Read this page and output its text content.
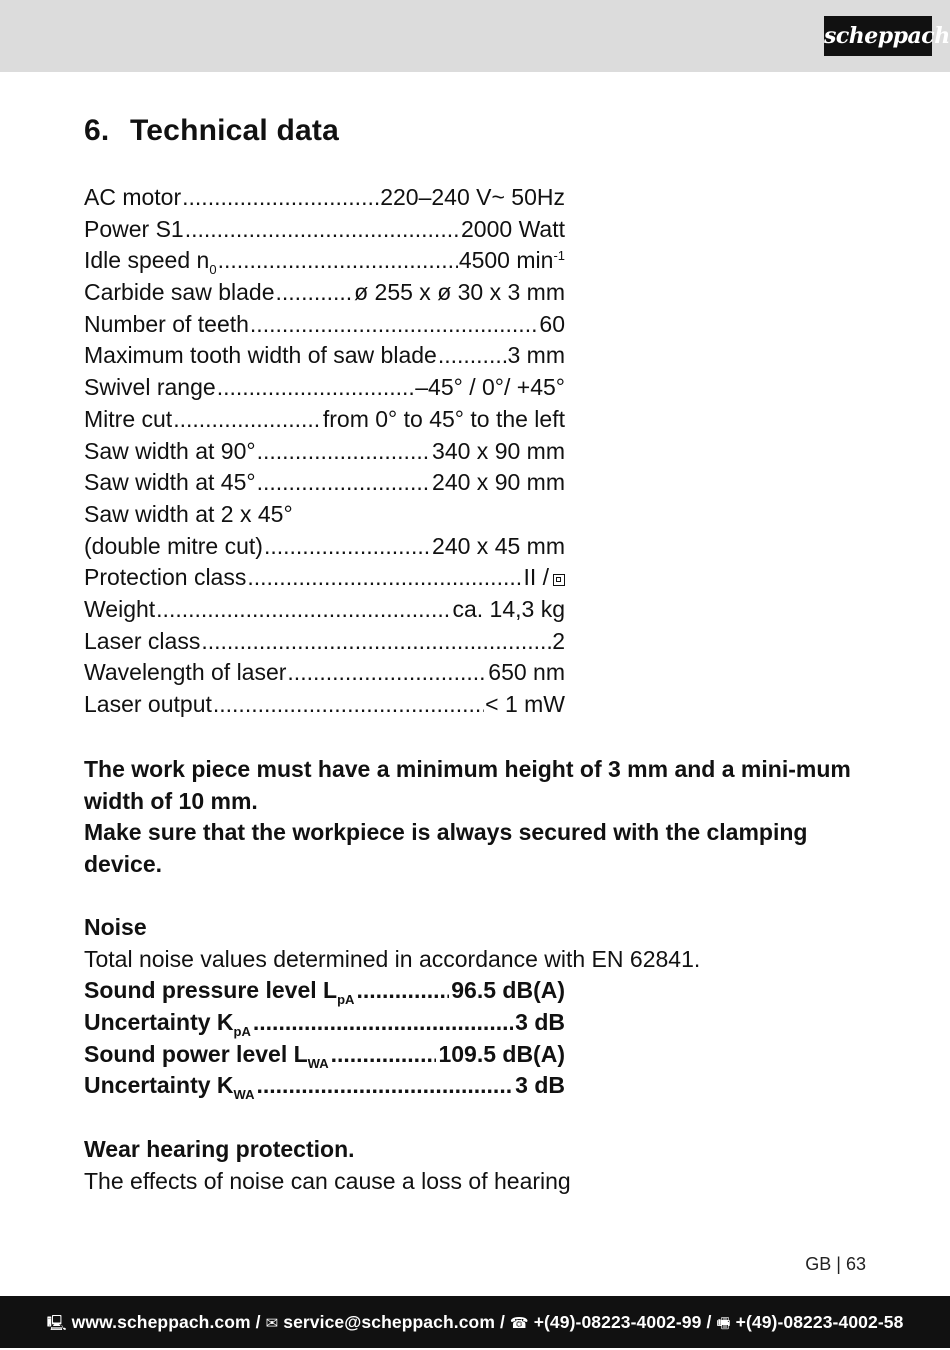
scheppach
6. Technical data
AC motor .....	220–240 V~ 50Hz
Power S1 .....	2000 Watt
Idle speed $n_0$ .....	4500 $\min^{-1}$
Carbide saw blade .....	ø 255 x ø 30 x 3 mm
Number of teeth .....	60
Maximum tooth width of saw blade .....	3 mm
Swivel range .....	–45° / 0°/ +45°
Mitre cut .....	from 0° to 45° to the left
Saw width at 90° .....	340 x 90 mm
Saw width at 45° .....	240 x 90 mm
Saw width at 2 x 45°
(double mitre cut) .....	240 x 45 mm
Protection class .....	II /
Weight .....	ca. 14,3 kg
Laser class .....	2
Wavelength of laser .....	650 nm
Laser output .....	< 1 mW

The work piece must have a minimum height of 3 mm and a mini-mum width of 10 mm.

Make sure that the workpiece is always secured with the clamping device.

Noise
Total noise values determined in accordance with EN 62841.
Sound pressure level $L_{pA}$ .....	96.5 dB(A)
Uncertainty $K_{pA}$ .....	3 dB
Sound power level $L_{WA}$ .....	109.5 dB(A)
Uncertainty $K_{WA}$ .....	3 dB
Wear hearing protection.
The effects of noise can cause a loss of hearing
GB | 63
🖳 www.scheppach.com / ✉ service@scheppach.com / ☎ +(49)-08223-4002-99 / 🖷 +(49)-08223-4002-58
